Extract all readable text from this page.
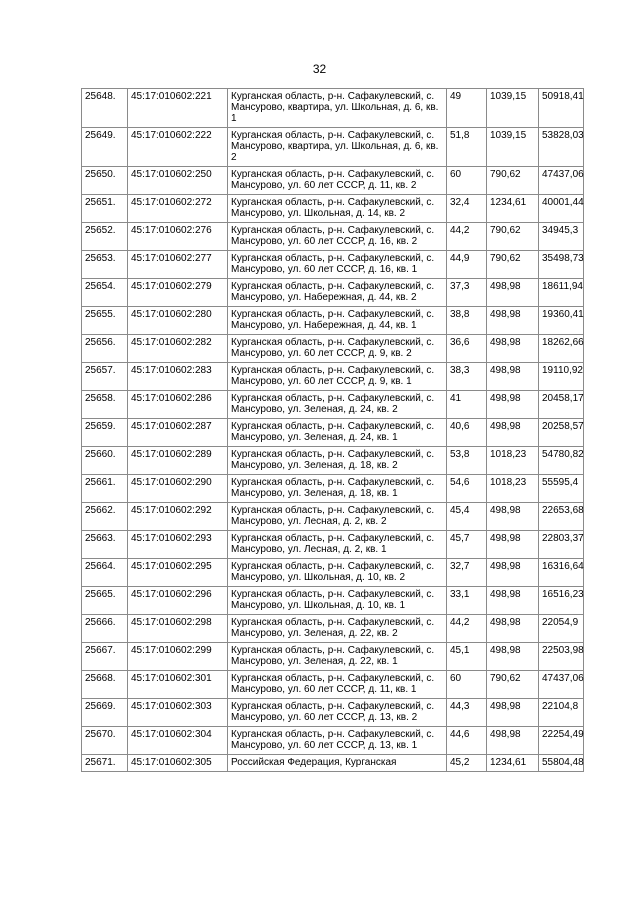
32
25648.	45:17:010602:221	Курганская область, р-н. Сафакулевский, с. Мансурово, квартира, ул. Школьная, д. 6, кв. 1	49	1039,15	50918,41
25649.	45:17:010602:222	Курганская область, р-н. Сафакулевский, с. Мансурово, квартира, ул. Школьная, д. 6, кв. 2	51,8	1039,15	53828,03
25650.	45:17:010602:250	Курганская область, р-н. Сафакулевский, с. Мансурово, ул. 60 лет СССР, д. 11, кв. 2	60	790,62	47437,06
25651.	45:17:010602:272	Курганская область, р-н. Сафакулевский, с. Мансурово, ул. Школьная, д. 14, кв. 2	32,4	1234,61	40001,44
25652.	45:17:010602:276	Курганская область, р-н. Сафакулевский, с. Мансурово, ул. 60 лет СССР, д. 16, кв. 2	44,2	790,62	34945,3
25653.	45:17:010602:277	Курганская область, р-н. Сафакулевский, с. Мансурово, ул. 60 лет СССР, д. 16, кв. 1	44,9	790,62	35498,73
25654.	45:17:010602:279	Курганская область, р-н. Сафакулевский, с. Мансурово, ул. Набережная, д. 44, кв. 2	37,3	498,98	18611,94
25655.	45:17:010602:280	Курганская область, р-н. Сафакулевский, с. Мансурово, ул. Набережная, д. 44, кв. 1	38,8	498,98	19360,41
25656.	45:17:010602:282	Курганская область, р-н. Сафакулевский, с. Мансурово, ул. 60 лет СССР, д. 9, кв. 2	36,6	498,98	18262,66
25657.	45:17:010602:283	Курганская область, р-н. Сафакулевский, с. Мансурово, ул. 60 лет СССР, д. 9, кв. 1	38,3	498,98	19110,92
25658.	45:17:010602:286	Курганская область, р-н. Сафакулевский, с. Мансурово, ул. Зеленая, д. 24, кв. 2	41	498,98	20458,17
25659.	45:17:010602:287	Курганская область, р-н. Сафакулевский, с. Мансурово, ул. Зеленая, д. 24, кв. 1	40,6	498,98	20258,57
25660.	45:17:010602:289	Курганская область, р-н. Сафакулевский, с. Мансурово, ул. Зеленая, д. 18, кв. 2	53,8	1018,23	54780,82
25661.	45:17:010602:290	Курганская область, р-н. Сафакулевский, с. Мансурово, ул. Зеленая, д. 18, кв. 1	54,6	1018,23	55595,4
25662.	45:17:010602:292	Курганская область, р-н. Сафакулевский, с. Мансурово, ул. Лесная, д. 2, кв. 2	45,4	498,98	22653,68
25663.	45:17:010602:293	Курганская область, р-н. Сафакулевский, с. Мансурово, ул. Лесная, д. 2, кв. 1	45,7	498,98	22803,37
25664.	45:17:010602:295	Курганская область, р-н. Сафакулевский, с. Мансурово, ул. Школьная, д. 10, кв. 2	32,7	498,98	16316,64
25665.	45:17:010602:296	Курганская область, р-н. Сафакулевский, с. Мансурово, ул. Школьная, д. 10, кв. 1	33,1	498,98	16516,23
25666.	45:17:010602:298	Курганская область, р-н. Сафакулевский, с. Мансурово, ул. Зеленая, д. 22, кв. 2	44,2	498,98	22054,9
25667.	45:17:010602:299	Курганская область, р-н. Сафакулевский, с. Мансурово, ул. Зеленая, д. 22, кв. 1	45,1	498,98	22503,98
25668.	45:17:010602:301	Курганская область, р-н. Сафакулевский, с. Мансурово, ул. 60 лет СССР, д. 11, кв. 1	60	790,62	47437,06
25669.	45:17:010602:303	Курганская область, р-н. Сафакулевский, с. Мансурово, ул. 60 лет СССР, д. 13, кв. 2	44,3	498,98	22104,8
25670.	45:17:010602:304	Курганская область, р-н. Сафакулевский, с. Мансурово, ул. 60 лет СССР, д. 13, кв. 1	44,6	498,98	22254,49
25671.	45:17:010602:305	Российская Федерация, Курганская	45,2	1234,61	55804,48
